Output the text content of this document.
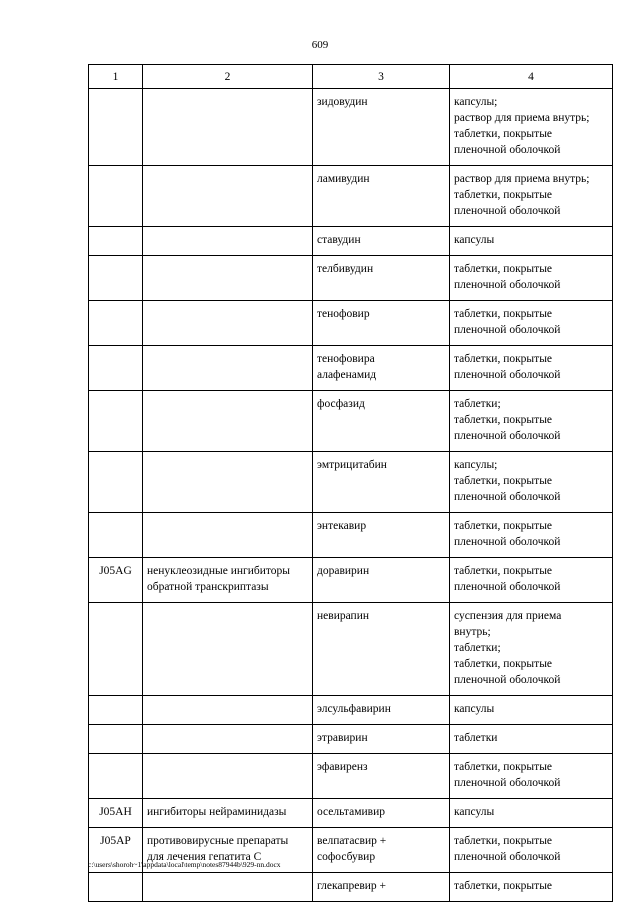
609
1	2	3	4

		зидовудин	капсулы;
раствор для приема внутрь;
таблетки, покрытые
пленочной оболочкой

		ламивудин	раствор для приема внутрь;
таблетки, покрытые
пленочной оболочкой

		ставудин	капсулы

		телбивудин	таблетки, покрытые
пленочной оболочкой

		тенофовир	таблетки, покрытые
пленочной оболочкой

		тенофовира
алафенамид	таблетки, покрытые
пленочной оболочкой

		фосфазид	таблетки;
таблетки, покрытые
пленочной оболочкой

		эмтрицитабин	капсулы;
таблетки, покрытые
пленочной оболочкой

		энтекавир	таблетки, покрытые
пленочной оболочкой

J05AG	ненуклеозидные ингибиторы
обратной транскриптазы	доравирин	таблетки, покрытые
пленочной оболочкой

		невирапин	суспензия для приема
внутрь;
таблетки;
таблетки, покрытые
пленочной оболочкой

		элсульфавирин	капсулы

		этравирин	таблетки

		эфавиренз	таблетки, покрытые
пленочной оболочкой

J05AH	ингибиторы нейраминидазы	осельтамивир	капсулы

J05AP	противовирусные препараты
для лечения гепатита С	велпатасвир +
софосбувир	таблетки, покрытые
пленочной оболочкой

		глекапревир +	таблетки, покрытые
c:\users\shoroh~1\appdata\local\temp\notes87944b\929-nn.docx
